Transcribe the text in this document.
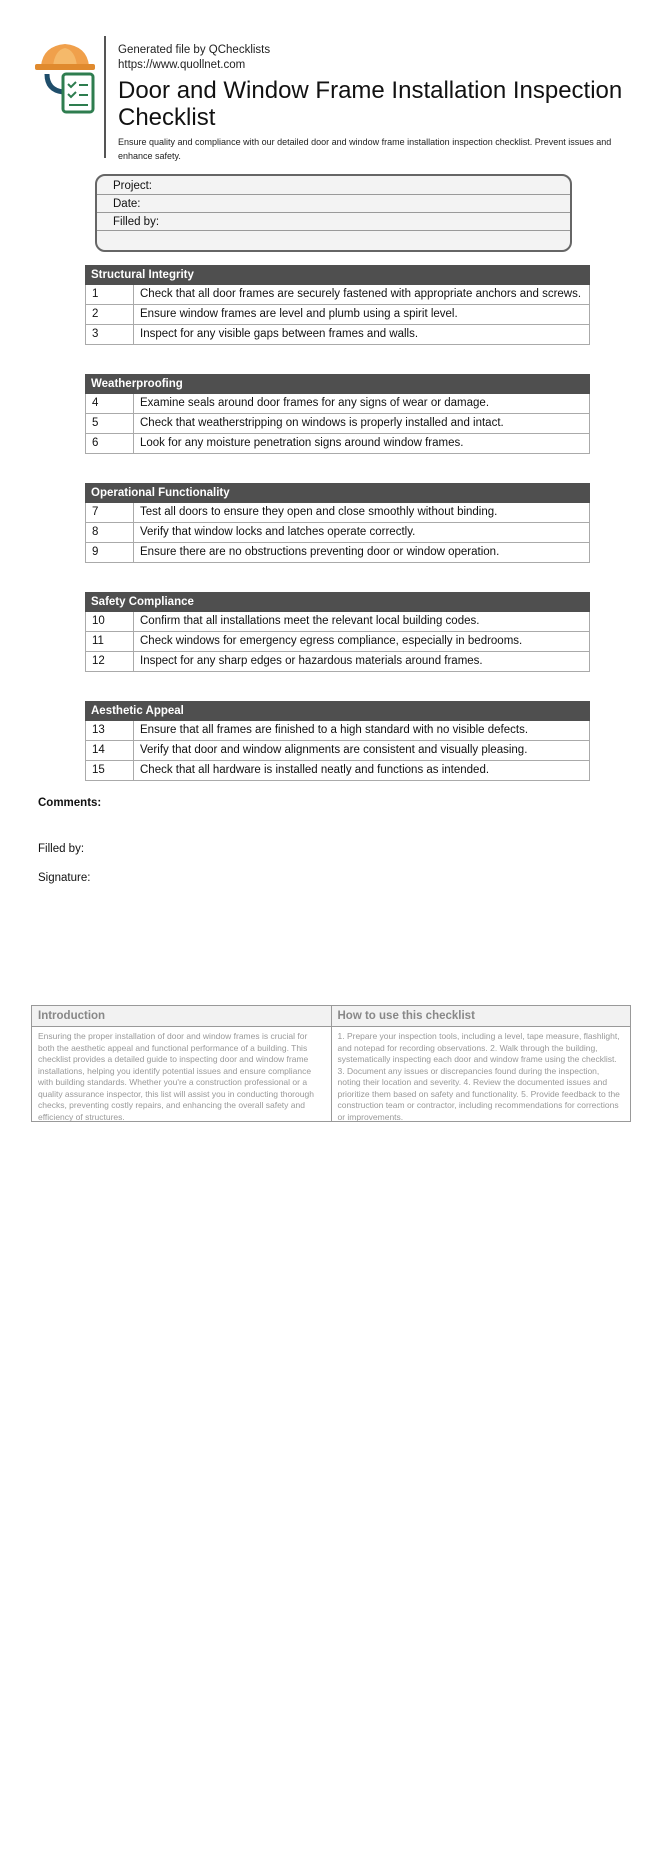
Generated file by QChecklists
https://www.quollnet.com
Door and Window Frame Installation Inspection Checklist
Ensure quality and compliance with our detailed door and window frame installation inspection checklist. Prevent issues and enhance safety.
Project:
Date:
Filled by:
Structural Integrity
1	Check that all door frames are securely fastened with appropriate anchors and screws.
2	Ensure window frames are level and plumb using a spirit level.
3	Inspect for any visible gaps between frames and walls.
Weatherproofing
4	Examine seals around door frames for any signs of wear or damage.
5	Check that weatherstripping on windows is properly installed and intact.
6	Look for any moisture penetration signs around window frames.
Operational Functionality
7	Test all doors to ensure they open and close smoothly without binding.
8	Verify that window locks and latches operate correctly.
9	Ensure there are no obstructions preventing door or window operation.
Safety Compliance
10	Confirm that all installations meet the relevant local building codes.
11	Check windows for emergency egress compliance, especially in bedrooms.
12	Inspect for any sharp edges or hazardous materials around frames.
Aesthetic Appeal
13	Ensure that all frames are finished to a high standard with no visible defects.
14	Verify that door and window alignments are consistent and visually pleasing.
15	Check that all hardware is installed neatly and functions as intended.
Comments:
Filled by:
Signature:
Introduction
Ensuring the proper installation of door and window frames is crucial for both the aesthetic appeal and functional performance of a building. This checklist provides a detailed guide to inspecting door and window frame installations, helping you identify potential issues and ensure compliance with building standards. Whether you're a construction professional or a quality assurance inspector, this list will assist you in conducting thorough checks, preventing costly repairs, and enhancing the overall safety and efficiency of structures.
How to use this checklist
1. Prepare your inspection tools, including a level, tape measure, flashlight, and notepad for recording observations. 2. Walk through the building, systematically inspecting each door and window frame using the checklist. 3. Document any issues or discrepancies found during the inspection, noting their location and severity. 4. Review the documented issues and prioritize them based on safety and functionality. 5. Provide feedback to the construction team or contractor, including recommendations for corrections or improvements.
